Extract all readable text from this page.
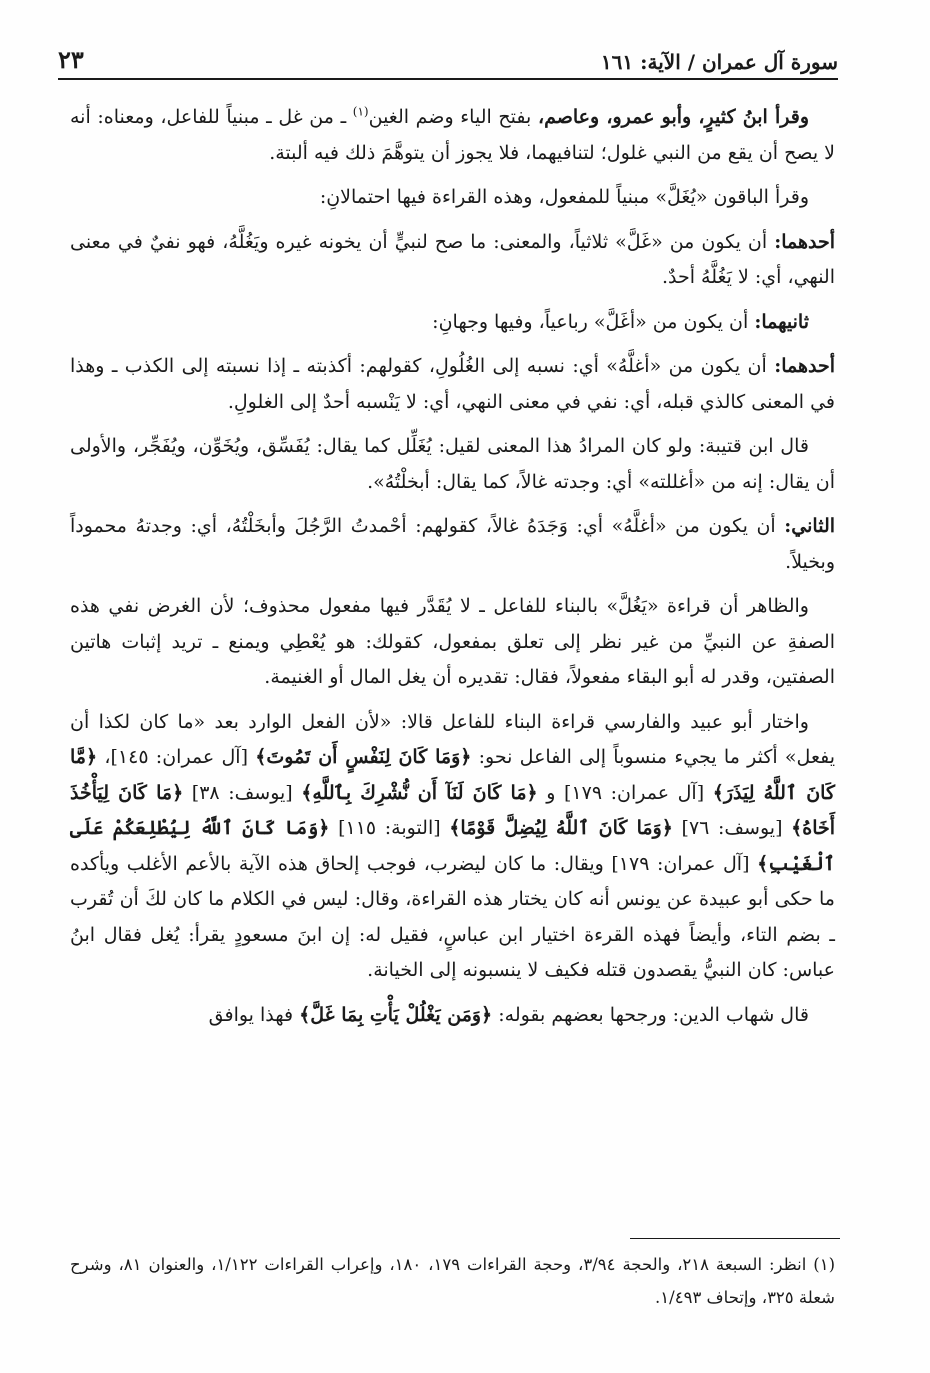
سورة آل عمران / الآية: ١٦١
٢٣

وقرأ ابنُ كثيرٍ، وأبو عمرو، وعاصم، بفتح الياء وضم الغين$^{(١)}$ ـ من غل ـ مبنياً للفاعل، ومعناه: أنه لا يصح أن يقع من النبي غلول؛ لتنافيهما، فلا يجوز أن يتوهَّمَ ذلك فيه ألبتة.

وقرأ الباقون «يُغَلَّ» مبنياً للمفعول، وهذه القراءة فيها احتمالانِ:

أحدهما: أن يكون من «غَلَّ» ثلاثياً، والمعنى: ما صح لنبيٍّ أن يخونه غيره ويَغُلَّهُ، فهو نفيٌ في معنى النهي، أي: لا يَغُلَّهُ أحدٌ.

ثانيهما: أن يكون من «أغَلَّ» رباعياً، وفيها وجهانِ:

أحدهما: أن يكون من «أغلَّهُ» أي: نسبه إلى الغُلُولِ، كقولهم: أكذبته ـ إذا نسبته إلى الكذب ـ وهذا في المعنى كالذي قبله، أي: نفي في معنى النهي، أي: لا يَنْسبه أحدٌ إلى الغلولِ.

قال ابن قتيبة: ولو كان المرادُ هذا المعنى لقيل: يُغَلِّل كما يقال: يُفَسِّق، ويُخَوِّن، ويُفَجِّر، والأولى أن يقال: إنه من «أغللته» أي: وجدته غالاً، كما يقال: أبخلْتُهُ».

الثاني: أن يكون من «أغلَّهُ» أي: وَجَدَهُ غالاً، كقولهم: أحْمدتُ الرَّجُلَ وأبخَلْتُهُ، أي: وجدتهُ محموداً وبخيلاً.

والظاهر أن قراءة «يَغُلَّ» بالبناء للفاعل ـ لا يُقَدَّر فيها مفعول محذوف؛ لأن الغرض نفي هذه الصفةِ عن النبيِّ من غير نظر إلى تعلق بمفعول، كقولك: هو يُعْطِي ويمنع ـ تريد إثبات هاتين الصفتين، وقدر له أبو البقاء مفعولاً، فقال: تقديره أن يغل المال أو الغنيمة.

واختار أبو عبيد والفارسي قراءة البناء للفاعل قالا: «لأن الفعل الوارد بعد «ما كان لكذا أن يفعل» أكثر ما يجيء منسوباً إلى الفاعل نحو: ﴿وَمَا كَانَ لِنَفْسٍ أَن تَمُوتَ﴾ [آل عمران: ١٤٥]، ﴿مَّا كَانَ ٱللَّهُ لِيَذَرَ﴾ [آل عمران: ١٧٩] و ﴿مَا كَانَ لَنَآ أَن نُّشْرِكَ بِٱللَّهِ﴾ [يوسف: ٣٨] ﴿مَا كَانَ لِيَأْخُذَ أَخَاهُ﴾ [يوسف: ٧٦] ﴿وَمَا كَانَ ٱللَّهُ لِيُضِلَّ قَوْمًا﴾ [التوبة: ١١٥] ﴿وَمَا كَانَ ٱللَّهُ لِيُطْلِعَكُمْ عَلَى ٱلْغَيْبِ﴾ [آل عمران: ١٧٩] ويقال: ما كان ليضرب، فوجب إلحاق هذه الآية بالأعم الأغلب ويأكده ما حكى أبو عبيدة عن يونس أنه كان يختار هذه القراءة، وقال: ليس في الكلام ما كان لكَ أن تُقرب ـ بضم التاء، وأيضاً فهذه القرءة اختيار ابن عباسٍ، فقيل له: إن ابنَ مسعودٍ يقرأ: يُغل فقال ابنُ عباس: كان النبيُّ يقصدون قتله فكيف لا ينسبونه إلى الخيانة.

قال شهاب الدين: ورجحها بعضهم بقوله: ﴿وَمَن يَغْلُلْ يَأْتِ بِمَا غَلَّ﴾ فهذا يوافق

(١) انظر: السبعة ٢١٨، والحجة ٣/٩٤، وحجة القراءات ١٧٩، ١٨٠، وإعراب القراءات ١/١٢٢، والعنوان ٨١، وشرح شعلة ٣٢٥، وإتحاف ١/٤٩٣.
